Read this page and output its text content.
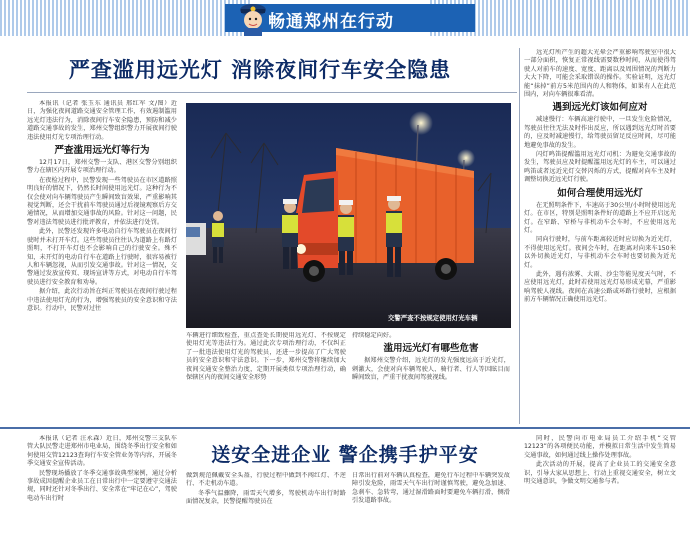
畅通郑州在行动
严查滥用远光灯 消除夜间行车安全隐患

本报讯（记者 张玉东 通讯员 邢红军 文/图）近日，为强化夜间道路交通安全管理工作，有效遏制滥用远光灯违法行为，消除夜间行车安全隐患，预防和减少道路交通事故的发生，郑州交警组织警力开展夜间行驶违法使用灯光专项治理行动。

严查滥用远光灯等行为

12月17日，郑州交警一支队、港区交警分别组织警力在辖区内开展专项治理行动。

在夜检过程中，民警发现一些驾驶员在市区道路照明良好的情况下，仍然长时间使用远光灯。这种行为不仅会使对向车辆驾驶员产生瞬间致盲效果，严重影响其视觉判断，还会干扰前车驾驶员通过后视镜观察后方交通情况，从而增加交通事故的风险。针对这一问题，民警对违法驾驶员进行批评教育，并依法进行处罚。

此外，民警还发现许多电动自行车驾驶员在夜间行驶时并未打开车灯。这些驾驶员往往认为道路上有路灯照明，不打开车灯也不会影响自己的行驶安全。殊不知，未开灯的电动自行车在道路上行驶时，很容易被行人和车辆忽视，从而引发交通事故。针对这一情况，交警通过发放宣传页、现场宣讲等方式，对电动自行车驾驶员进行安全教育和劝导。

据介绍，此次行动旨在纠正驾驶员在夜间行驶过程中违法使用灯光的行为，增强驾驶员的安全意识和守法意识。行动中，民警对过往

交警严查不按规定使用灯光车辆

车辆进行细致检查，重点查处长期使用远光灯、不按规定使用灯光等违法行为。通过此次专项治理行动，不仅纠正了一批违法使用灯光的驾驶员，还进一步提高了广大驾驶员的安全意识和守法意识。下一步，郑州交警将继续加大夜间交通安全整治力度，定期开展类似专项治理行动，确保辖区内的夜间交通安全形势

持续稳定向好。

滥用远光灯有哪些危害

据郑州交警介绍，远光灯的发光强度远高于近光灯，刺激大，会使对向车辆驾驶人、骑行者、行人等因眩目而瞬间致盲，严重干扰夜间驾驶视线。

远光灯所产生的超大光晕会严重影响驾驶室中很大一部分面积，恢复正常视线需要数秒时间，从而使得驾驶人对前车的速度、宽度、距离以及周围情况的判断力大大下降，可能会采取错误的操作。实验证明，远光灯能“抹掉”前方5米范围内的人和物体，如果有人在此范围内，对向车辆很难看清。

遇到远光灯该如何应对

减速慢行：车辆高速行驶中，一旦发生危险情况，驾驶员往往无法及时作出反应，所以遇到远光灯时首要的，应及时减速慢行，给驾驶员留足反应时间，尽可能地避免事故的发生。

闪灯鸣笛提醒滥用远光灯司机：为避免交通事故的发生，驾驶员应及时提醒滥用远光灯的车主，可以通过鸣笛或者远近光灯交替闪烁的方式，提醒对向车主及时调整切换近远光灯行驶。

如何合理使用远光灯

在无照明条件下，车速高于30公里/小时时使用远光灯。在市区，特别是照明条件好的道路上不应开启远光灯。在窄路、窄桥与非机动车会车时，不应使用远光灯。

同向行驶时，与前车距离较近时应切换为近光灯，不得使用远光灯。夜间会车时，在距离对向来车150米以外切换近光灯，与非机动车会车时也要切换为近光灯。

此外，遇有浓雾、大雨、沙尘等能见度天气时，不应使用远光灯，此时若使用远光灯易形成光幕，严重影响驾驶人视线。夜间在高速公路或环路行驶时，应根据前方车辆情况正确使用远光灯。

送安全进企业 警企携手护平安

本报讯（记者 汪永森）近日，郑州交警三支队车管大队民警走进郑州市电业局，围绕冬季出行安全和如何使用交管12123查询行车安全管业务等内容，开展冬季交通安全宣传活动。

民警现场播放了冬季交通事故典型案例，通过分析事故成因提醒企业员工在日常出行中一定要遵守交通法规，同时还针对冬季出行、安全常在“牢记在心”，驾驶电动车出行时

做到规范佩戴安全头盔，行驶过程中做到不闯红灯、不逆行、不走机动车道。

冬季气温骤降，雨雪天气增多，驾驶机动车出行时路面情况复杂，民警提醒驾驶员在

日常出行前对车辆认真检查，避免行车过程中车辆突发故障引发危险，雨雪天气车出行时谨慎驾驶，避免急加速、急刹车、急转弯，通过湿滑路面时要避免车辆打滑，侧滑引发道路事故。

同时，民警向市电业局员工介绍手机“交管12123”的各项便民功能，并模拟日常生活中发生简易交通事故，如何通过线上操作处理事故。

此次活动的开展，提高了企业员工的交通安全意识，引导大家从思想上、行动上重视交通安全，树立文明交通意识，争做文明交通参与者。
